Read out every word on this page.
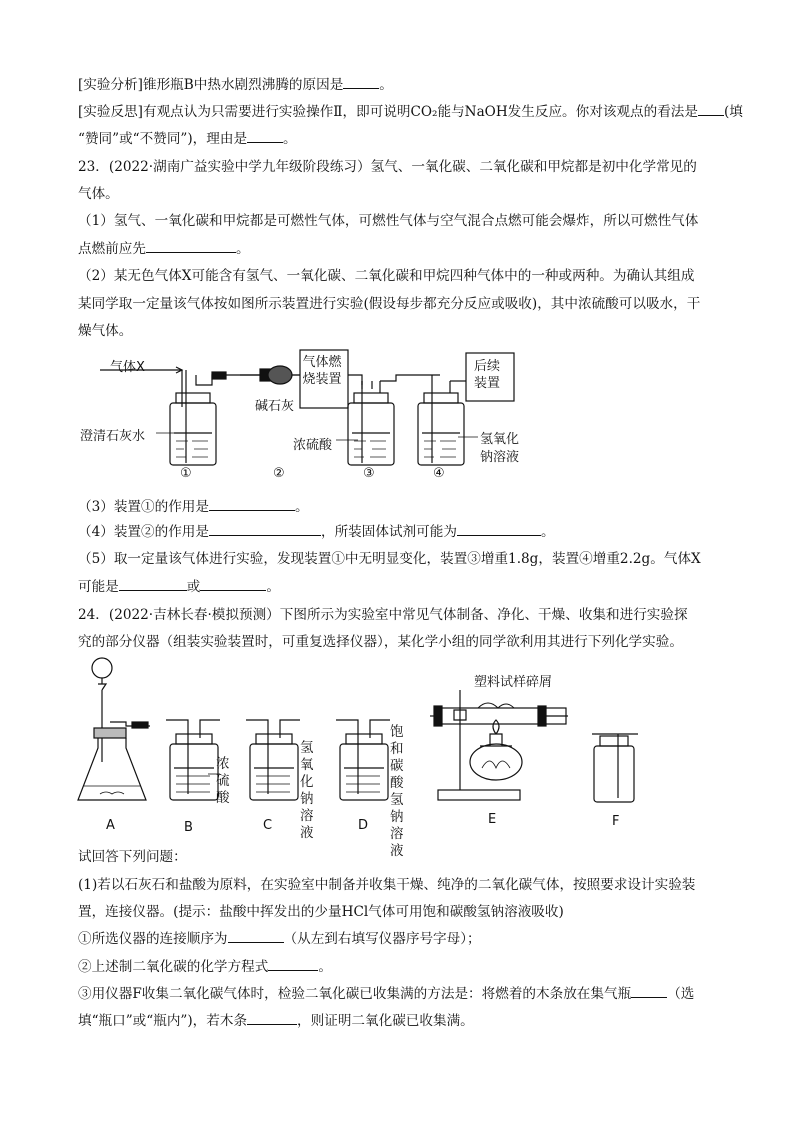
[实验分析]锥形瓶B中热水剧烈沸腾的原因是	。
[实验反思]有观点认为只需要进行实验操作Ⅱ，即可说明CO₂能与NaOH发生反应。你对该观点的看法是 (填
“赞同”或“不赞同”)，理由是	。
23．(2022·湖南广益实验中学九年级阶段练习）氢气、一氧化碳、二氧化碳和甲烷都是初中化学常见的
气体。
（1）氢气、一氧化碳和甲烷都是可燃性气体，可燃性气体与空气混合点燃可能会爆炸，所以可燃性气体
点燃前应先	。
（2）某无色气体X可能含有氢气、一氧化碳、二氧化碳和甲烷四种气体中的一种或两种。为确认其组成
某同学取一定量该气体按如图所示装置进行实验(假设每步都充分反应或吸收)，其中浓硫酸可以吸水，干
燥气体。
气体X
澄清石灰水
碱石灰
气体燃烧装置
后续装置
浓硫酸	氢氧化
钠溶液
①	②	③	④
（3）装置①的作用是	。
（4）装置②的作用是	，所装固体试剂可能为	。
（5）取一定量该气体进行实验，发现装置①中无明显变化，装置③增重1.8g，装置④增重2.2g。气体X
可能是	或	。
24．(2022·吉林长春·模拟预测）下图所示为实验室中常见气体制备、净化、干燥、收集和进行实验探
究的部分仪器（组装实验装置时，可重复选择仪器），某化学小组的同学欲利用其进行下列化学实验。
塑料试样碎屑
浓硫酸
氢氧化钠溶液
饱和碳酸氢钠溶液
A	B	C	D	E	F
试回答下列问题：
(1)若以石灰石和盐酸为原料，在实验室中制备并收集干燥、纯净的二氧化碳气体，按照要求设计实验装
置，连接仪器。(提示：盐酸中挥发出的少量HCl气体可用饱和碳酸氢钠溶液吸收)
①所选仪器的连接顺序为	（从左到右填写仪器序号字母）；
②上述制二氧化碳的化学方程式	。
③用仪器F收集二氧化碳气体时，检验二氧化碳已收集满的方法是：将燃着的木条放在集气瓶	（选
填“瓶口”或“瓶内”)，若木条	，则证明二氧化碳已收集满。
